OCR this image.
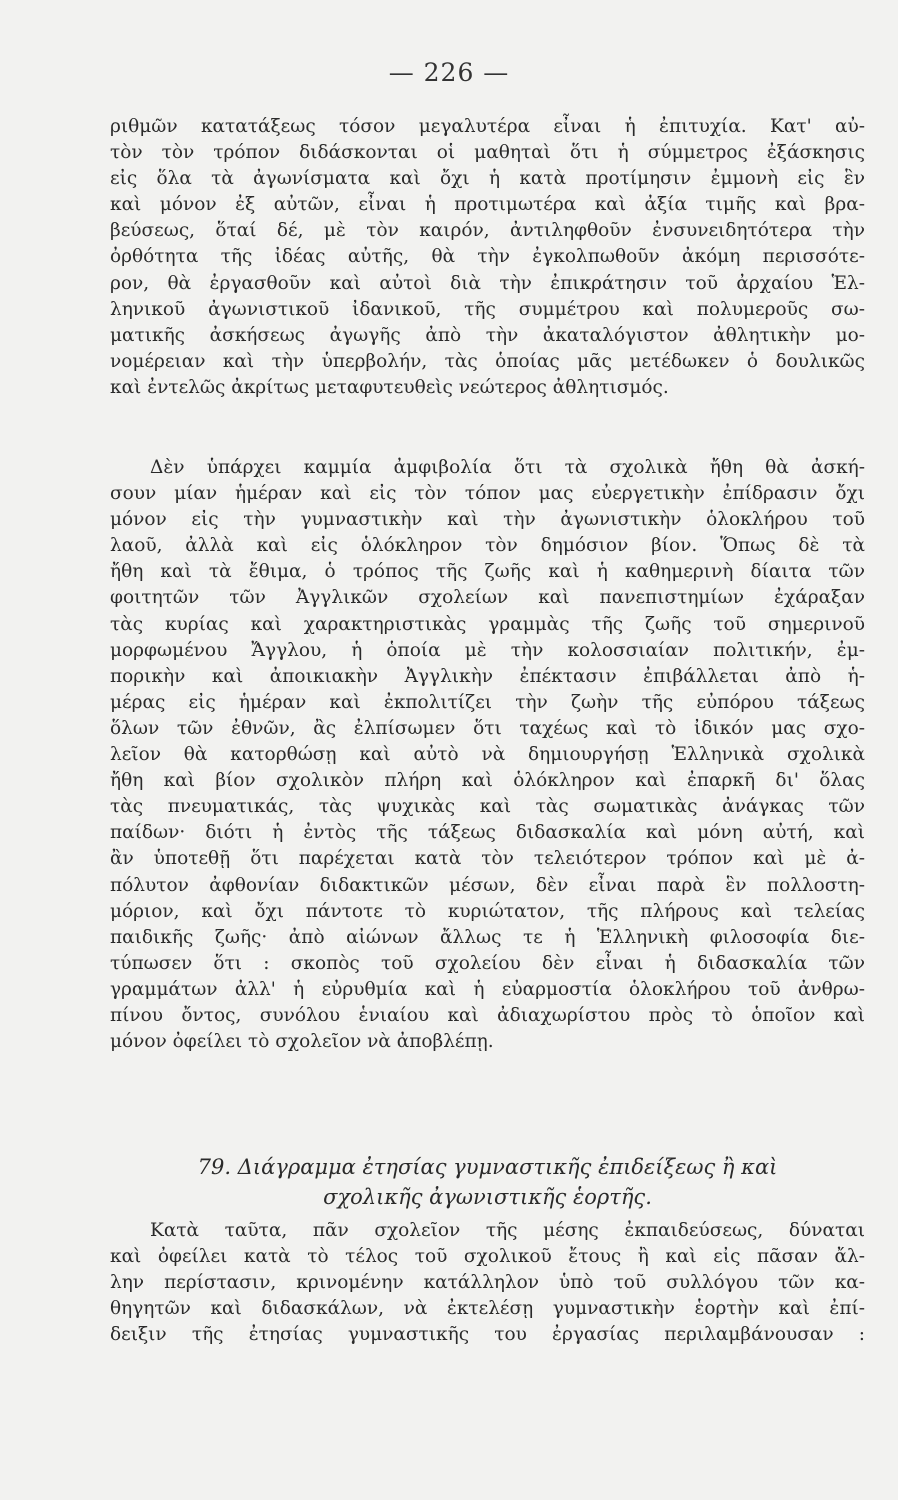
— 226 —
ριθμῶν κατατάξεως τόσον μεγαλυτέρα εἶναι ἡ ἐπιτυχία. Κατ' αὐ-
τὸν τὸν τρόπον διδάσκονται οἱ μαθηταὶ ὅτι ἡ σύμμετρος ἐξάσκησις
εἰς ὅλα τὰ ἀγωνίσματα καὶ ὄχι ἡ κατὰ προτίμησιν ἐμμονὴ εἰς ἓν
καὶ μόνον ἐξ αὐτῶν, εἶναι ἡ προτιμωτέρα καὶ ἀξία τιμῆς καὶ βρα-
βεύσεως, ὅταί δέ, μὲ τὸν καιρόν, ἀντιληφθοῦν ἐνσυνειδητότερα τὴν
ὀρθότητα τῆς ἰδέας αὐτῆς, θὰ τὴν ἐγκολπωθοῦν ἀκόμη περισσότε-
ρον, θὰ ἐργασθοῦν καὶ αὐτοὶ διὰ τὴν ἐπικράτησιν τοῦ ἀρχαίου Ἑλ-
ληνικοῦ ἀγωνιστικοῦ ἰδανικοῦ, τῆς συμμέτρου καὶ πολυμεροῦς σω-
ματικῆς ἀσκήσεως ἀγωγῆς ἀπὸ τὴν ἀκαταλόγιστον ἀθλητικὴν μο-
νομέρειαν καὶ τὴν ὑπερβολήν, τὰς ὁποίας μᾶς μετέδωκεν ὁ δουλικῶς
καὶ ἐντελῶς ἀκρίτως μεταφυτευθεὶς νεώτερος ἀθλητισμός.
Δὲν ὑπάρχει καμμία ἀμφιβολία ὅτι τὰ σχολικὰ ἤθη θὰ ἀσκή-
σουν μίαν ἡμέραν καὶ εἰς τὸν τόπον μας εὐεργετικὴν ἐπίδρασιν ὄχι
μόνον εἰς τὴν γυμναστικὴν καὶ τὴν ἀγωνιστικὴν ὁλοκλήρου τοῦ
λαοῦ, ἀλλὰ καὶ εἰς ὁλόκληρον τὸν δημόσιον βίον. Ὅπως δὲ τὰ
ἤθη καὶ τὰ ἔθιμα, ὁ τρόπος τῆς ζωῆς καὶ ἡ καθημερινὴ δίαιτα τῶν
φοιτητῶν τῶν Ἀγγλικῶν σχολείων καὶ πανεπιστημίων ἐχάραξαν
τὰς κυρίας καὶ χαρακτηριστικὰς γραμμὰς τῆς ζωῆς τοῦ σημερινοῦ
μορφωμένου Ἄγγλου, ἡ ὁποία μὲ τὴν κολοσσιαίαν πολιτικήν, ἐμ-
πορικὴν καὶ ἀποικιακὴν Ἀγγλικὴν ἐπέκτασιν ἐπιβάλλεται ἀπὸ ἡ-
μέρας εἰς ἡμέραν καὶ ἐκπολιτίζει τὴν ζωὴν τῆς εὐπόρου τάξεως
ὅλων τῶν ἐθνῶν, ἂς ἐλπίσωμεν ὅτι ταχέως καὶ τὸ ἰδικόν μας σχο-
λεῖον θὰ κατορθώσῃ καὶ αὐτὸ νὰ δημιουργήσῃ Ἑλληνικὰ σχολικὰ
ἤθη καὶ βίον σχολικὸν πλήρη καὶ ὁλόκληρον καὶ ἐπαρκῆ δι' ὅλας
τὰς πνευματικάς, τὰς ψυχικὰς καὶ τὰς σωματικὰς ἀνάγκας τῶν
παίδων· διότι ἡ ἐντὸς τῆς τάξεως διδασκαλία καὶ μόνη αὐτή, καὶ
ἂν ὑποτεθῇ ὅτι παρέχεται κατὰ τὸν τελειότερον τρόπον καὶ μὲ ἀ-
πόλυτον ἀφθονίαν διδακτικῶν μέσων, δὲν εἶναι παρὰ ἓν πολλοστη-
μόριον, καὶ ὄχι πάντοτε τὸ κυριώτατον, τῆς πλήρους καὶ τελείας
παιδικῆς ζωῆς· ἀπὸ αἰώνων ἄλλως τε ἡ Ἑλληνικὴ φιλοσοφία διε-
τύπωσεν ὅτι : σκοπὸς τοῦ σχολείου δὲν εἶναι ἡ διδασκαλία τῶν
γραμμάτων ἀλλ' ἡ εὐρυθμία καὶ ἡ εὐαρμοστία ὁλοκλήρου τοῦ ἀνθρω-
πίνου ὄντος, συνόλου ἑνιαίου καὶ ἀδιαχωρίστου πρὸς τὸ ὁποῖον καὶ
μόνον ὀφείλει τὸ σχολεῖον νὰ ἀποβλέπῃ.
79. Διάγραμμα ἐτησίας γυμναστικῆς ἐπιδείξεως ἢ καὶ
σχολικῆς ἀγωνιστικῆς ἑορτῆς.
Κατὰ ταῦτα, πᾶν σχολεῖον τῆς μέσης ἐκπαιδεύσεως, δύναται
καὶ ὀφείλει κατὰ τὸ τέλος τοῦ σχολικοῦ ἔτους ἢ καὶ εἰς πᾶσαν ἄλ-
λην περίστασιν, κρινομένην κατάλληλον ὑπὸ τοῦ συλλόγου τῶν κα-
θηγητῶν καὶ διδασκάλων, νὰ ἐκτελέσῃ γυμναστικὴν ἑορτὴν καὶ ἐπί-
δειξιν τῆς ἐτησίας γυμναστικῆς του ἐργασίας περιλαμβάνουσαν :
